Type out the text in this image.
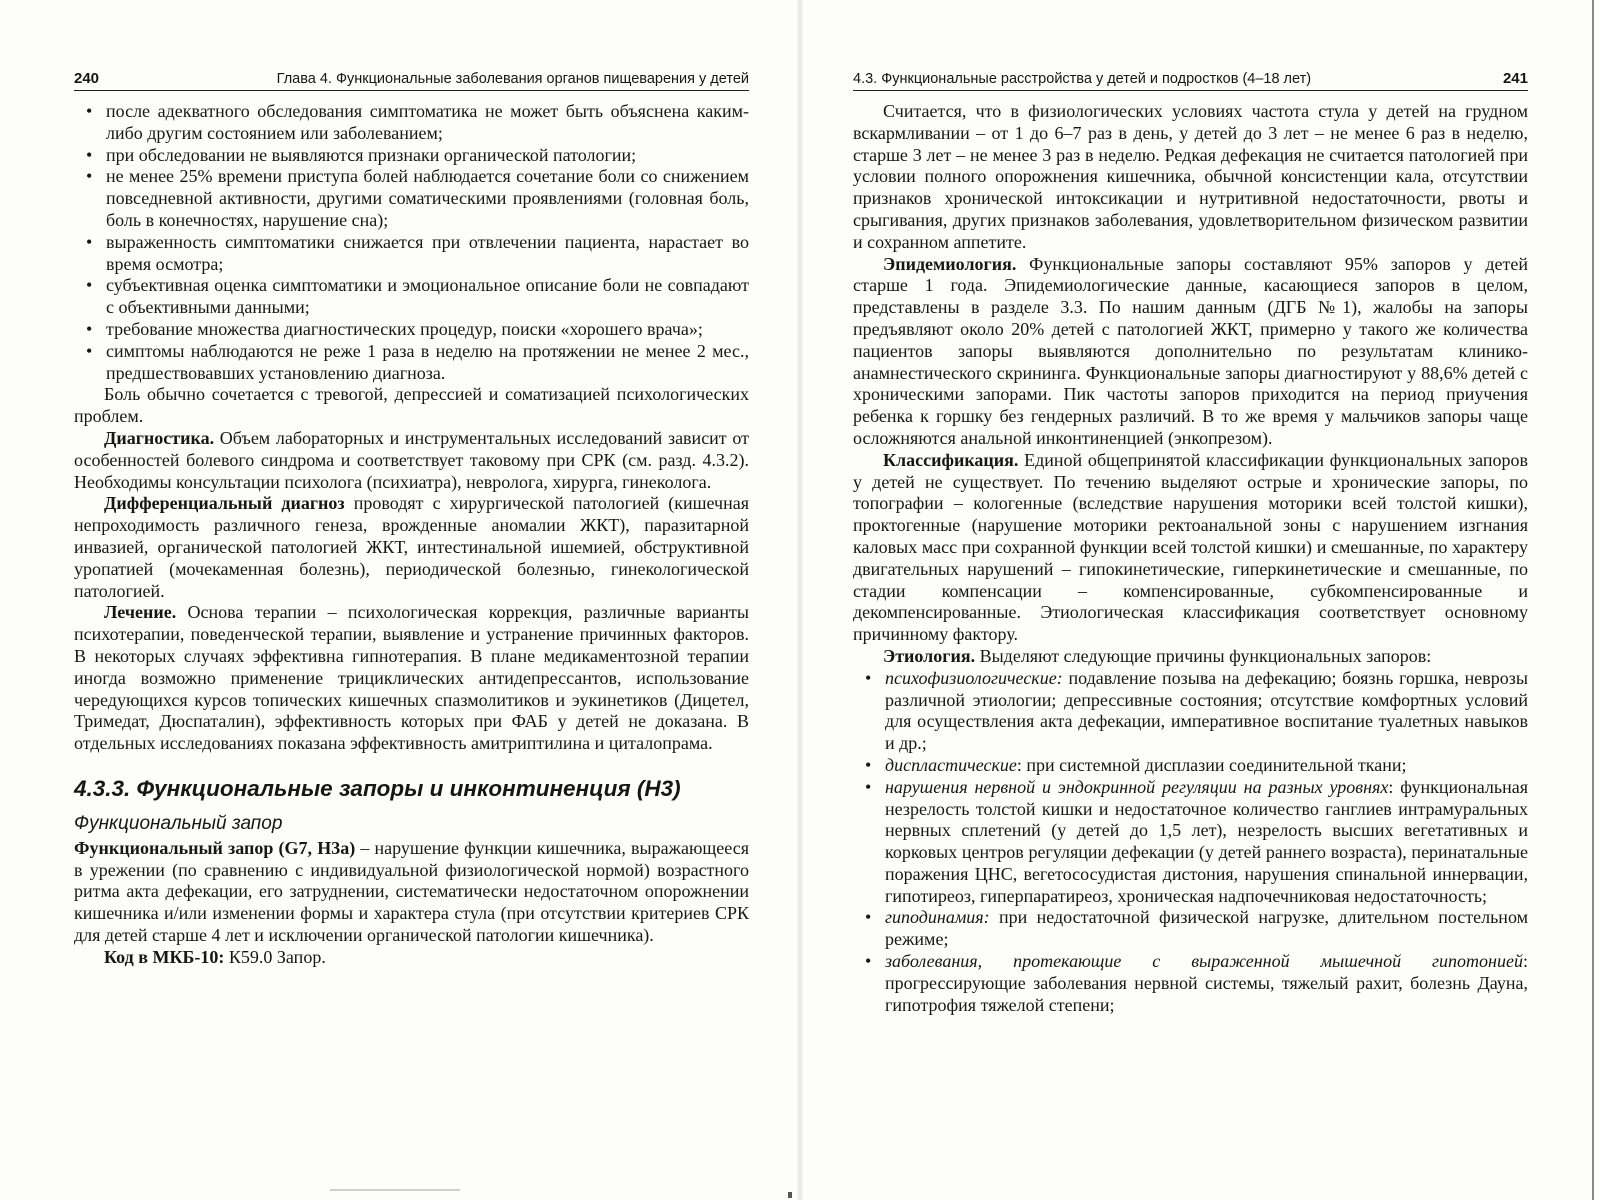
240	Глава 4. Функциональные заболевания органов пищеварения у детей
• после адекватного обследования симптоматика не может быть объяснена каким-либо другим состоянием или заболеванием;
• при обследовании не выявляются признаки органической патологии;
• не менее 25% времени приступа болей наблюдается сочетание боли со снижением повседневной активности, другими соматическими проявлениями (головная боль, боль в конечностях, нарушение сна);
• выраженность симптоматики снижается при отвлечении пациента, нарастает во время осмотра;
• субъективная оценка симптоматики и эмоциональное описание боли не совпадают с объективными данными;
• требование множества диагностических процедур, поиски «хорошего врача»;
• симптомы наблюдаются не реже 1 раза в неделю на протяжении не менее 2 мес., предшествовавших установлению диагноза.

Боль обычно сочетается с тревогой, депрессией и соматизацией психологических проблем.

Диагностика. Объем лабораторных и инструментальных исследований зависит от особенностей болевого синдрома и соответствует таковому при СРК (см. разд. 4.3.2). Необходимы консультации психолога (психиатра), невролога, хирурга, гинеколога.

Дифференциальный диагноз проводят с хирургической патологией (кишечная непроходимость различного генеза, врожденные аномалии ЖКТ), паразитарной инвазией, органической патологией ЖКТ, интестинальной ишемией, обструктивной уропатией (мочекаменная болезнь), периодической болезнью, гинекологической патологией.

Лечение. Основа терапии – психологическая коррекция, различные варианты психотерапии, поведенческой терапии, выявление и устранение причинных факторов. В некоторых случаях эффективна гипнотерапия. В плане медикаментозной терапии иногда возможно применение трициклических антидепрессантов, использование чередующихся курсов топических кишечных спазмолитиков и эукинетиков (Дицетел, Тримедат, Дюспаталин), эффективность которых при ФАБ у детей не доказана. В отдельных исследованиях показана эффективность амитриптилина и циталопрама.

4.3.3. Функциональные запоры и инконтиненция (Н3)
Функциональный запор

Функциональный запор (G7, Н3а) – нарушение функции кишечника, выражающееся в урежении (по сравнению с индивидуальной физиологической нормой) возрастного ритма акта дефекации, его затруднении, систематически недостаточном опорожнении кишечника и/или изменении формы и характера стула (при отсутствии критериев СРК для детей старше 4 лет и исключении органической патологии кишечника).

Код в МКБ-10: К59.0 Запор.

4.3. Функциональные расстройства у детей и подростков (4–18 лет)	241

Считается, что в физиологических условиях частота стула у детей на грудном вскармливании – от 1 до 6–7 раз в день, у детей до 3 лет – не менее 6 раз в неделю, старше 3 лет – не менее 3 раз в неделю. Редкая дефекация не считается патологией при условии полного опорожнения кишечника, обычной консистенции кала, отсутствии признаков хронической интоксикации и нутритивной недостаточности, рвоты и срыгивания, других признаков заболевания, удовлетворительном физическом развитии и сохранном аппетите.

Эпидемиология. Функциональные запоры составляют 95% запоров у детей старше 1 года. Эпидемиологические данные, касающиеся запоров в целом, представлены в разделе 3.3. По нашим данным (ДГБ №1), жалобы на запоры предъявляют около 20% детей с патологией ЖКТ, примерно у такого же количества пациентов запоры выявляются дополнительно по результатам клинико-анамнестического скрининга. Функциональные запоры диагностируют у 88,6% детей с хроническими запорами. Пик частоты запоров приходится на период приучения ребенка к горшку без гендерных различий. В то же время у мальчиков запоры чаще осложняются анальной инконтиненцией (энкопрезом).

Классификация. Единой общепринятой классификации функциональных запоров у детей не существует. По течению выделяют острые и хронические запоры, по топографии – кологенные (вследствие нарушения моторики всей толстой кишки), проктогенные (нарушение моторики ректоанальной зоны с нарушением изгнания каловых масс при сохранной функции всей толстой кишки) и смешанные, по характеру двигательных нарушений – гипокинетические, гиперкинетические и смешанные, по стадии компенсации – компенсированные, субкомпенсированные и декомпенсированные. Этиологическая классификация соответствует основному причинному фактору.

Этиология. Выделяют следующие причины функциональных запоров:

• психофизиологические: подавление позыва на дефекацию; боязнь горшка, неврозы различной этиологии; депрессивные состояния; отсутствие комфортных условий для осуществления акта дефекации, императивное воспитание туалетных навыков и др.;
• диспластические: при системной дисплазии соединительной ткани;
• нарушения нервной и эндокринной регуляции на разных уровнях: функциональная незрелость толстой кишки и недостаточное количество ганглиев интрамуральных нервных сплетений (у детей до 1,5 лет), незрелость высших вегетативных и корковых центров регуляции дефекации (у детей раннего возраста), перинатальные поражения ЦНС, вегетососудистая дистония, нарушения спинальной иннервации, гипотиреоз, гиперпаратиреоз, хроническая надпочечниковая недостаточность;
• гиподинамия: при недостаточной физической нагрузке, длительном постельном режиме;
• заболевания, протекающие с выраженной мышечной гипотонией: прогрессирующие заболевания нервной системы, тяжелый рахит, болезнь Дауна, гипотрофия тяжелой степени;
